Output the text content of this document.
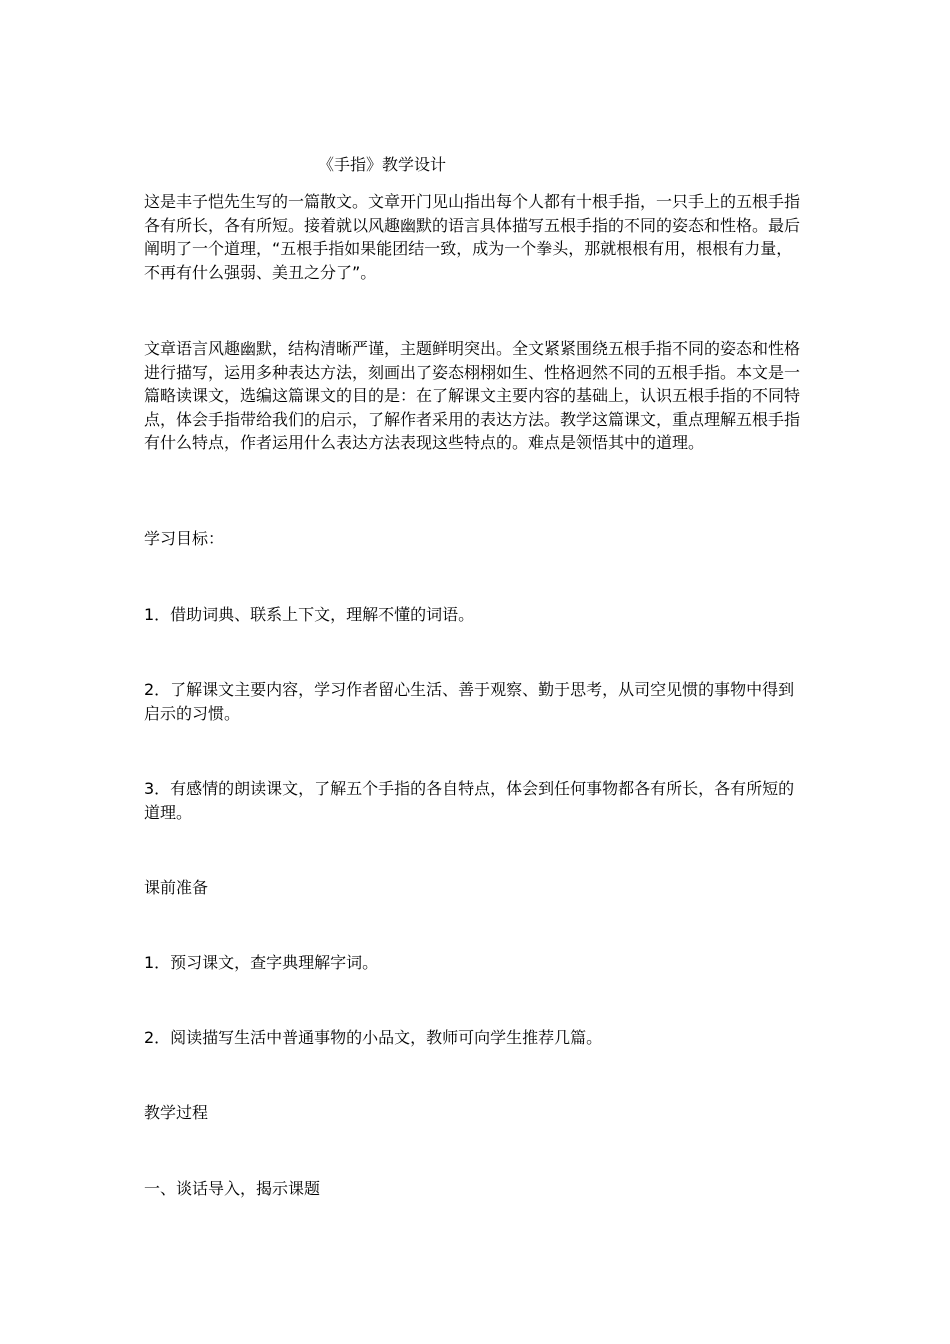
《手指》教学设计

这是丰子恺先生写的一篇散文。文章开门见山指出每个人都有十根手指，一只手上的五根手指各有所长，各有所短。接着就以风趣幽默的语言具体描写五根手指的不同的姿态和性格。最后阐明了一个道理，“五根手指如果能团结一致，成为一个拳头，那就根根有用，根根有力量，不再有什么强弱、美丑之分了”。

文章语言风趣幽默，结构清晰严谨，主题鲜明突出。全文紧紧围绕五根手指不同的姿态和性格进行描写，运用多种表达方法，刻画出了姿态栩栩如生、性格迥然不同的五根手指。本文是一篇略读课文，选编这篇课文的目的是：在了解课文主要内容的基础上，认识五根手指的不同特点，体会手指带给我们的启示，了解作者采用的表达方法。教学这篇课文，重点理解五根手指有什么特点，作者运用什么表达方法表现这些特点的。难点是领悟其中的道理。

学习目标：

1．借助词典、联系上下文，理解不懂的词语。

2．了解课文主要内容，学习作者留心生活、善于观察、勤于思考，从司空见惯的事物中得到启示的习惯。

3．有感情的朗读课文，了解五个手指的各自特点，体会到任何事物都各有所长，各有所短的道理。

课前准备

1．预习课文，查字典理解字词。

2．阅读描写生活中普通事物的小品文，教师可向学生推荐几篇。

教学过程

一、谈话导入，揭示课题
